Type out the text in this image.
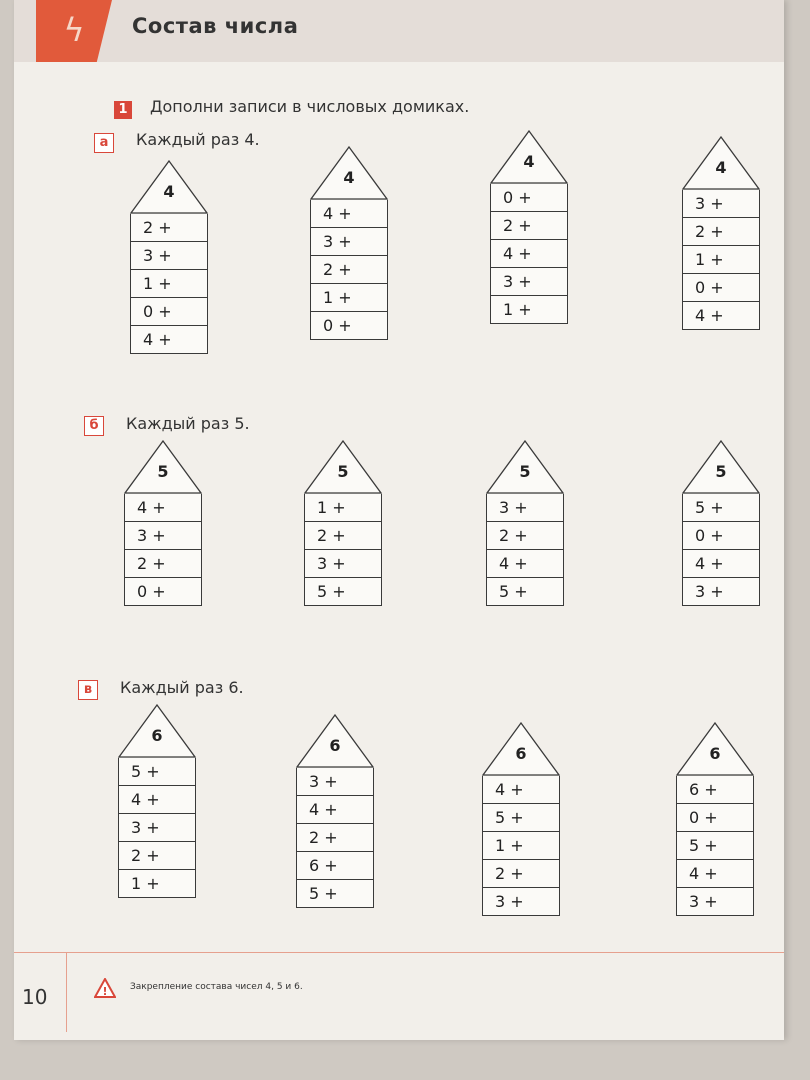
ϟ Состав числа
1 Дополни записи в числовых домиках.
а	Каждый раз 4.
б	Каждый раз 5.
в	Каждый раз 6.
4
2 +
3 +
1 +
0 +
4 +
4
4 +
3 +
2 +
1 +
0 +
4
0 +
2 +
4 +
3 +
1 +
4
3 +
2 +
1 +
0 +
4 +
5
4 +
3 +
2 +
0 +
5
1 +
2 +
3 +
5 +
5
3 +
2 +
4 +
5 +
5
5 +
0 +
4 +
3 +
6
5 +
4 +
3 +
2 +
1 +
6
3 +
4 +
2 +
6 +
5 +
6
4 +
5 +
1 +
2 +
3 +
6
6 +
0 +
5 +
4 +
3 +
10	! Закрепление состава чисел 4, 5 и 6.
